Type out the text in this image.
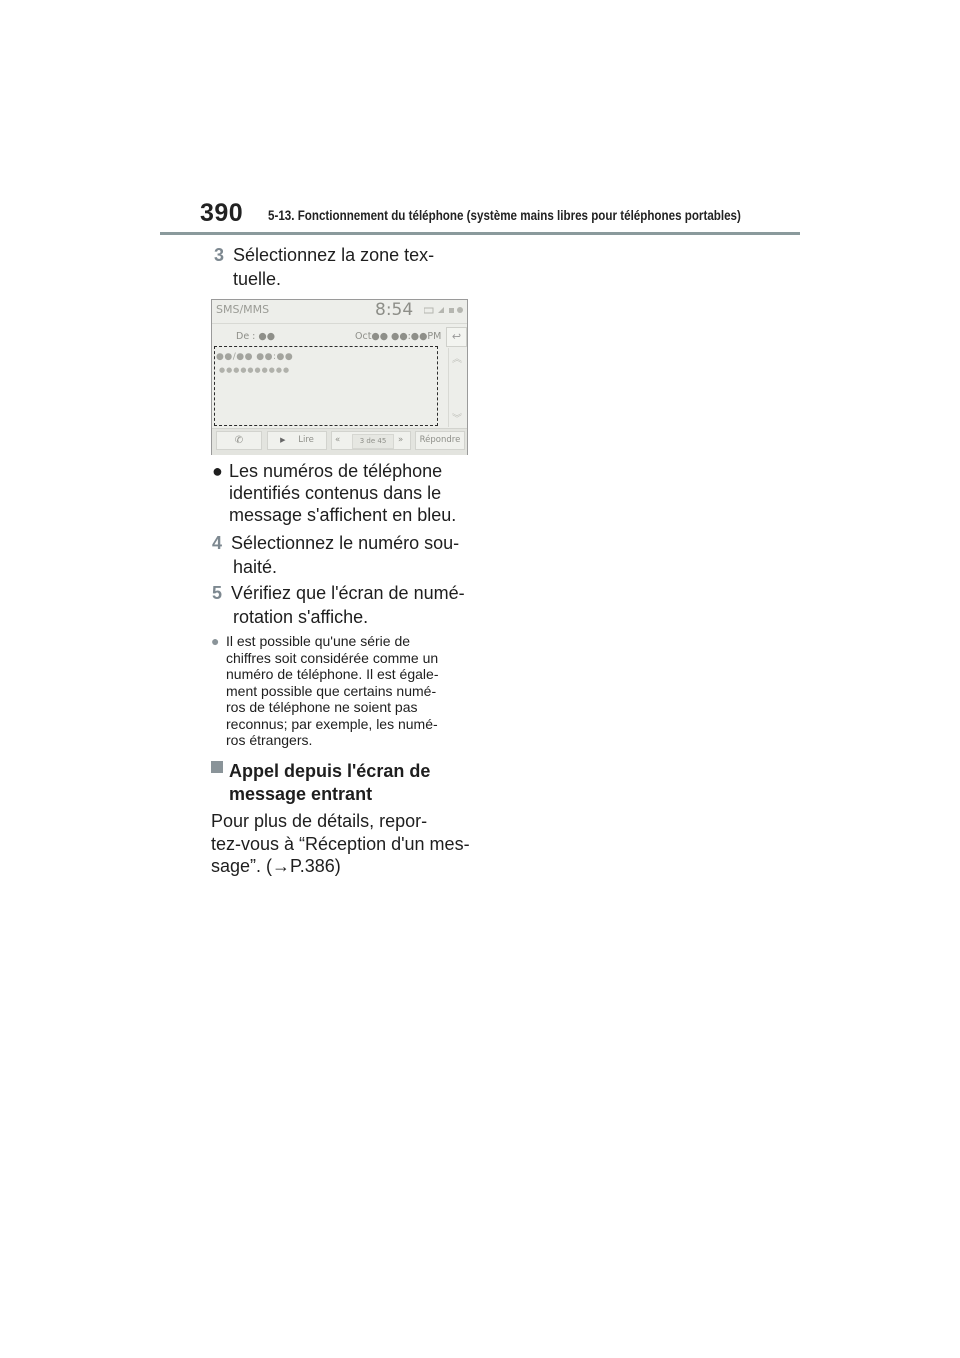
390 5-13. Fonctionnement du téléphone (système mains libres pour téléphones portables)
3 Sélectionnez la zone tex-
tuelle.
SMS/MMS	8:54
De : ●●	Oct●● ●●:●●PM ↩
●●/●● ●●:●●
●●●●●●●●●●
︽
︾
✆	▶ Lire	«	3 de 45	»	Répondre
● Les numéros de téléphone
identifiés contenus dans le
message s'affichent en bleu.
4 Sélectionnez le numéro sou-
haité.
5 Vérifiez que l'écran de numé-
rotation s'affiche.
● Il est possible qu'une série de
chiffres soit considérée comme un
numéro de téléphone. Il est égale-
ment possible que certains numé-
ros de téléphone ne soient pas
reconnus; par exemple, les numé-
ros étrangers.
Appel depuis l'écran de
message entrant
Pour plus de détails, repor-
tez-vous à “Réception d'un mes-
sage”. (→P.386)
